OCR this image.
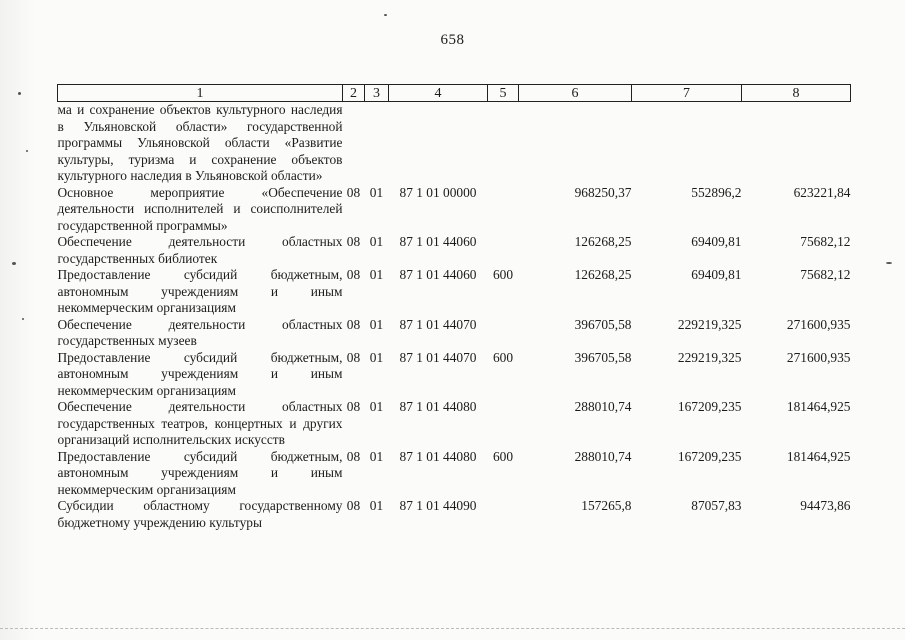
658
1	2	3	4	5	6	7	8
ма и сохранение объектов культурного наследия в Ульяновской области» государственной программы Ульяновской области «Развитие культуры, туризма и сохранение объектов культурного наследия в Ульяновской области»							
Основное мероприятие «Обеспечение деятельности исполнителей и соисполнителей государственной программы»	08	01	87 1 01 00000		968250,37	552896,2	623221,84
Обеспечение деятельности областных государственных библиотек	08	01	87 1 01 44060		126268,25	69409,81	75682,12
Предоставление субсидий бюджетным, автономным учреждениям и иным некоммерческим организациям	08	01	87 1 01 44060	600	126268,25	69409,81	75682,12
Обеспечение деятельности областных государственных музеев	08	01	87 1 01 44070		396705,58	229219,325	271600,935
Предоставление субсидий бюджетным, автономным учреждениям и иным некоммерческим организациям	08	01	87 1 01 44070	600	396705,58	229219,325	271600,935
Обеспечение деятельности областных государственных театров, концертных и других организаций исполнительских искусств	08	01	87 1 01 44080		288010,74	167209,235	181464,925
Предоставление субсидий бюджетным, автономным учреждениям и иным некоммерческим организациям	08	01	87 1 01 44080	600	288010,74	167209,235	181464,925
Субсидии областному государственному бюджетному учреждению культуры	08	01	87 1 01 44090		157265,8	87057,83	94473,86
